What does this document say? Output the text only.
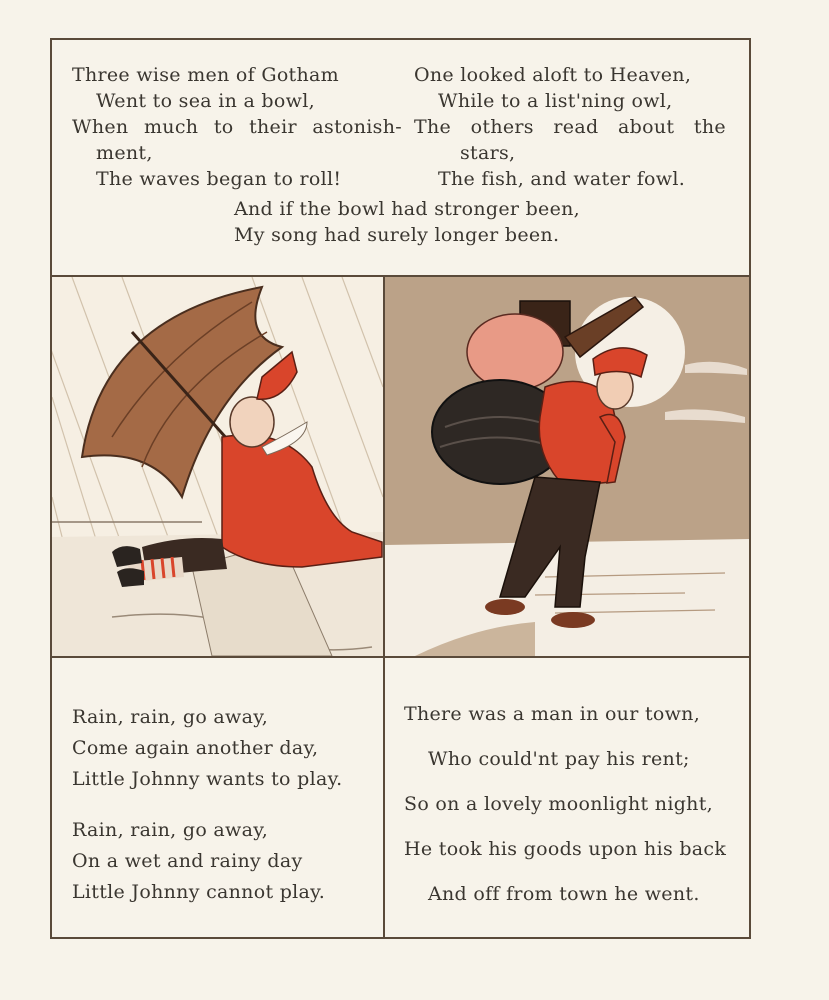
Three wise men of Gotham
Went to sea in a bowl,
When much to their astonish-
ment,
The waves began to roll!
One looked aloft to Heaven,
While to a list'ning owl,
The others read about the
stars,
The fish, and water fowl.
And if the bowl had stronger been,
My song had surely longer been.
Rain, rain, go away,
Come again another day,
Little Johnny wants to play.
Rain, rain, go away,
On a wet and rainy day
Little Johnny cannot play.
There was a man in our town,
Who could'nt pay his rent;
So on a lovely moonlight night,
He took his goods upon his back
And off from town he went.
